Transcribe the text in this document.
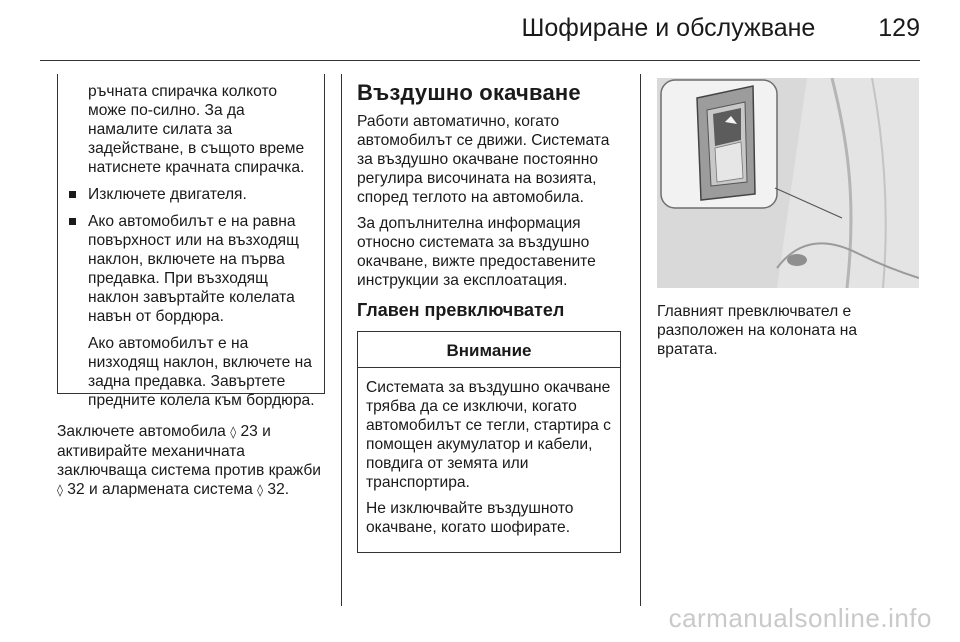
Шофиране и обслужване	129

ръчната спирачка колкото може по-силно. За да намалите силата за задействане, в същото време натиснете крачната спирачка.

Изключете двигателя.
Ако автомобилът е на равна повърхност или на възходящ наклон, включете на първа предавка. При възходящ наклон завъртайте колелата навън от бордюра.

Ако автомобилът е на низходящ наклон, включете на задна предавка. Завъртете предните колела към бордюра.

Заключете автомобила ◊ 23 и активирайте механичната заключваща система против кражби ◊ 32 и алармената система ◊ 32.
Въздушно окачване

Работи автоматично, когато автомобилът се движи. Системата за въздушно окачване постоянно регулира височината на возията, според теглото на автомобила.

За допълнителна информация относно системата за въздушно окачване, вижте предоставените инструкции за експлоатация.

Главен превключвател
Внимание

Системата за въздушно окачване трябва да се изключи, когато автомобилът се тегли, стартира с помощен акумулатор и кабели, повдига от земята или транспортира.

Не изключвайте въздушното окачване, когато шофирате.

Главният превключвател е разположен на колоната на вратата.
carmanualsonline.info
